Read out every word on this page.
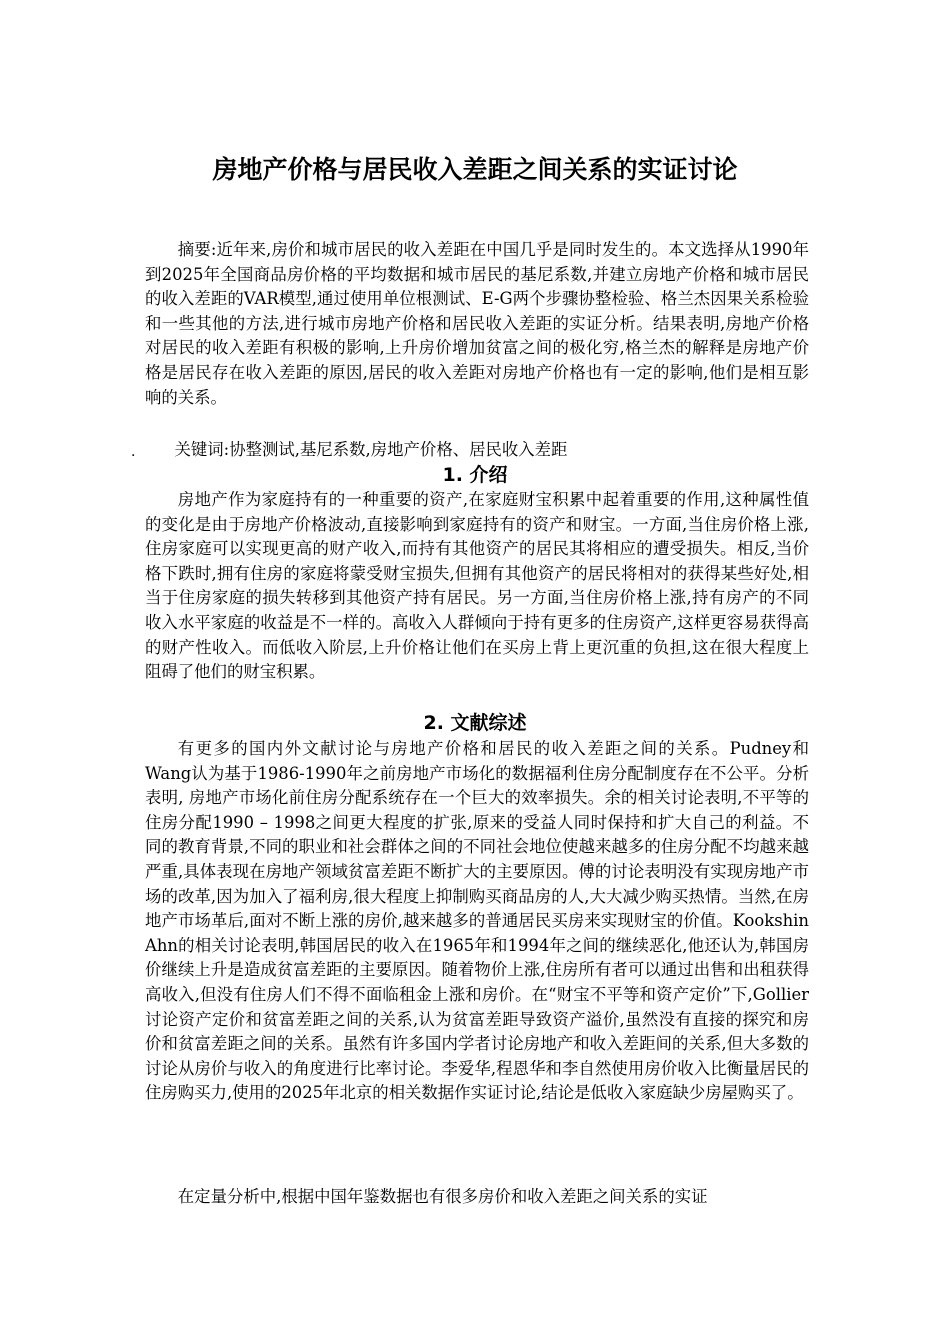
房地产价格与居民收入差距之间关系的实证讨论

摘要:近年来,房价和城市居民的收入差距在中国几乎是同时发生的。本文选择从1990年到2025年全国商品房价格的平均数据和城市居民的基尼系数,并建立房地产价格和城市居民的收入差距的VAR模型,通过使用单位根测试、E-G两个步骤协整检验、格兰杰因果关系检验和一些其他的方法,进行城市房地产价格和居民收入差距的实证分析。结果表明,房地产价格对居民的收入差距有积极的影响,上升房价增加贫富之间的极化穷,格兰杰的解释是房地产价格是居民存在收入差距的原因,居民的收入差距对房地产价格也有一定的影响,他们是相互影响的关系。

·	关键词:协整测试,基尼系数,房地产价格、居民收入差距

1. 介绍

房地产作为家庭持有的一种重要的资产,在家庭财宝积累中起着重要的作用,这种属性值的变化是由于房地产价格波动,直接影响到家庭持有的资产和财宝。一方面,当住房价格上涨,住房家庭可以实现更高的财产收入,而持有其他资产的居民其将相应的遭受损失。相反,当价格下跌时,拥有住房的家庭将蒙受财宝损失,但拥有其他资产的居民将相对的获得某些好处,相当于住房家庭的损失转移到其他资产持有居民。另一方面,当住房价格上涨,持有房产的不同收入水平家庭的收益是不一样的。高收入人群倾向于持有更多的住房资产,这样更容易获得高的财产性收入。而低收入阶层,上升价格让他们在买房上背上更沉重的负担,这在很大程度上阻碍了他们的财宝积累。

2. 文献综述

有更多的国内外文献讨论与房地产价格和居民的收入差距之间的关系。Pudney和Wang认为基于1986-1990年之前房地产市场化的数据福利住房分配制度存在不公平。分析表明, 房地产市场化前住房分配系统存在一个巨大的效率损失。余的相关讨论表明,不平等的住房分配1990 – 1998之间更大程度的扩张,原来的受益人同时保持和扩大自己的利益。不同的教育背景,不同的职业和社会群体之间的不同社会地位使越来越多的住房分配不均越来越严重,具体表现在房地产领域贫富差距不断扩大的主要原因。傅的讨论表明没有实现房地产市场的改革,因为加入了福利房,很大程度上抑制购买商品房的人,大大减少购买热情。当然,在房地产市场革后,面对不断上涨的房价,越来越多的普通居民买房来实现财宝的价值。Kookshin Ahn的相关讨论表明,韩国居民的收入在1965年和1994年之间的继续恶化,他还认为,韩国房价继续上升是造成贫富差距的主要原因。随着物价上涨,住房所有者可以通过出售和出租获得高收入,但没有住房人们不得不面临租金上涨和房价。在“财宝不平等和资产定价”下,Gollier讨论资产定价和贫富差距之间的关系,认为贫富差距导致资产溢价,虽然没有直接的探究和房价和贫富差距之间的关系。虽然有许多国内学者讨论房地产和收入差距间的关系,但大多数的讨论从房价与收入的角度进行比率讨论。李爱华,程恩华和李自然使用房价收入比衡量居民的住房购买力,使用的2025年北京的相关数据作实证讨论,结论是低收入家庭缺少房屋购买了。

在定量分析中,根据中国年鉴数据也有很多房价和收入差距之间关系的实证
